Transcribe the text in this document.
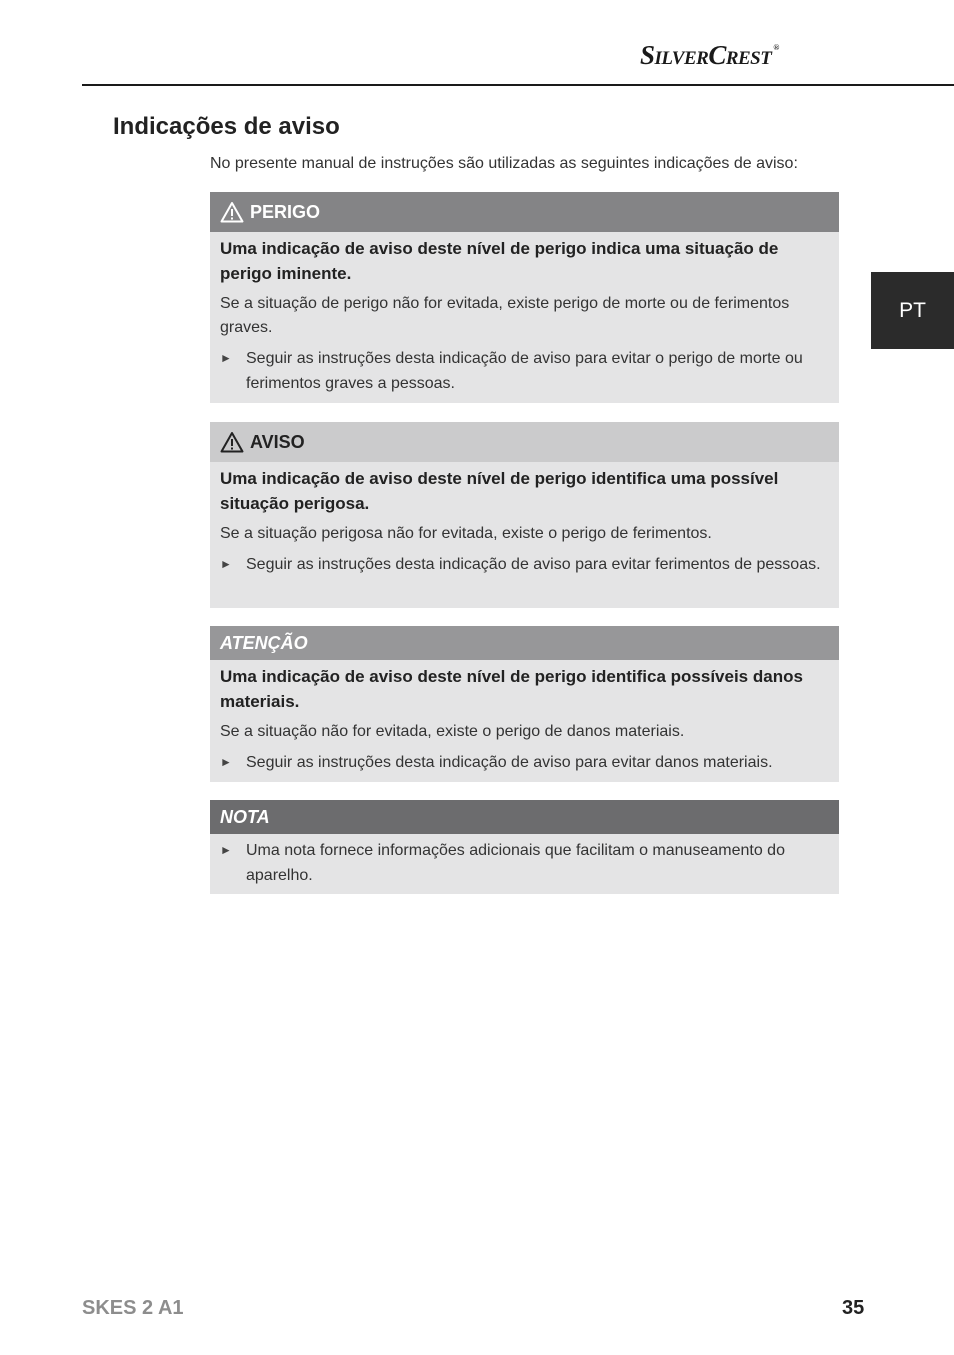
SilverCrest ®
PT
Indicações de aviso

No presente manual de instruções são utilizadas as seguintes indicações de aviso:

PERIGO

Uma indicação de aviso deste nível de perigo indica uma situação de perigo iminente.

Se a situação de perigo não for evitada, existe perigo de morte ou de ferimentos graves.

► Seguir as instruções desta indicação de aviso para evitar o perigo de morte ou ferimentos graves a pessoas.
AVISO

Uma indicação de aviso deste nível de perigo identifica uma possível situação perigosa.

Se a situação perigosa não for evitada, existe o perigo de ferimentos.

► Seguir as instruções desta indicação de aviso para evitar ferimentos de pessoas.
ATENÇÃO

Uma indicação de aviso deste nível de perigo identifica possíveis danos materiais.

Se a situação não for evitada, existe o perigo de danos materiais.

► Seguir as instruções desta indicação de aviso para evitar danos materiais.
NOTA
► Uma nota fornece informações adicionais que facilitam o manuseamento do aparelho.
SKES 2 A1	35
